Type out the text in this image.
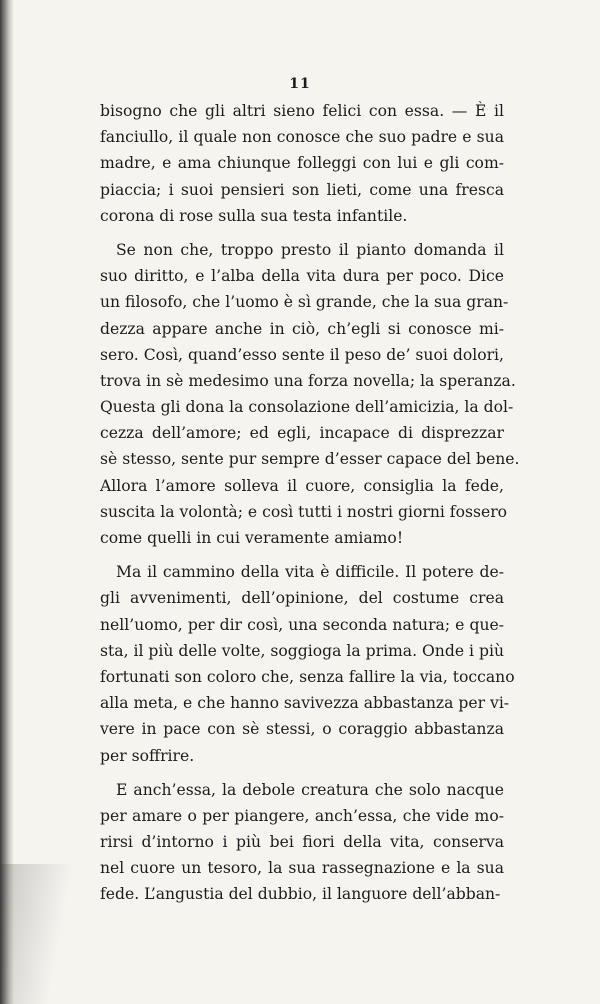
11
bisogno che gli altri sieno felici con essa. — È il
fanciullo, il quale non conosce che suo padre e sua
madre, e ama chiunque folleggi con lui e gli com-
piaccia; i suoi pensieri son lieti, come una fresca
corona di rose sulla sua testa infantile.
Se non che, troppo presto il pianto domanda il
suo diritto, e l’alba della vita dura per poco. Dice
un filosofo, che l’uomo è sì grande, che la sua gran-
dezza appare anche in ciò, ch’egli si conosce mi-
sero. Così, quand’esso sente il peso de’ suoi dolori,
trova in sè medesimo una forza novella; la speranza.
Questa gli dona la consolazione dell’amicizia, la dol-
cezza dell’amore; ed egli, incapace di disprezzar
sè stesso, sente pur sempre d’esser capace del bene.
Allora l’amore solleva il cuore, consiglia la fede,
suscita la volontà; e così tutti i nostri giorni fossero
come quelli in cui veramente amiamo!
Ma il cammino della vita è difficile. Il potere de-
gli avvenimenti, dell’opinione, del costume crea
nell’uomo, per dir così, una seconda natura; e que-
sta, il più delle volte, soggioga la prima. Onde i più
fortunati son coloro che, senza fallire la via, toccano
alla meta, e che hanno savivezza abbastanza per vi-
vere in pace con sè stessi, o coraggio abbastanza
per soffrire.
E anch’essa, la debole creatura che solo nacque
per amare o per piangere, anch’essa, che vide mo-
rirsi d’intorno i più bei fiori della vita, conserva
nel cuore un tesoro, la sua rassegnazione e la sua
fede. L’angustia del dubbio, il languore dell’abban-
